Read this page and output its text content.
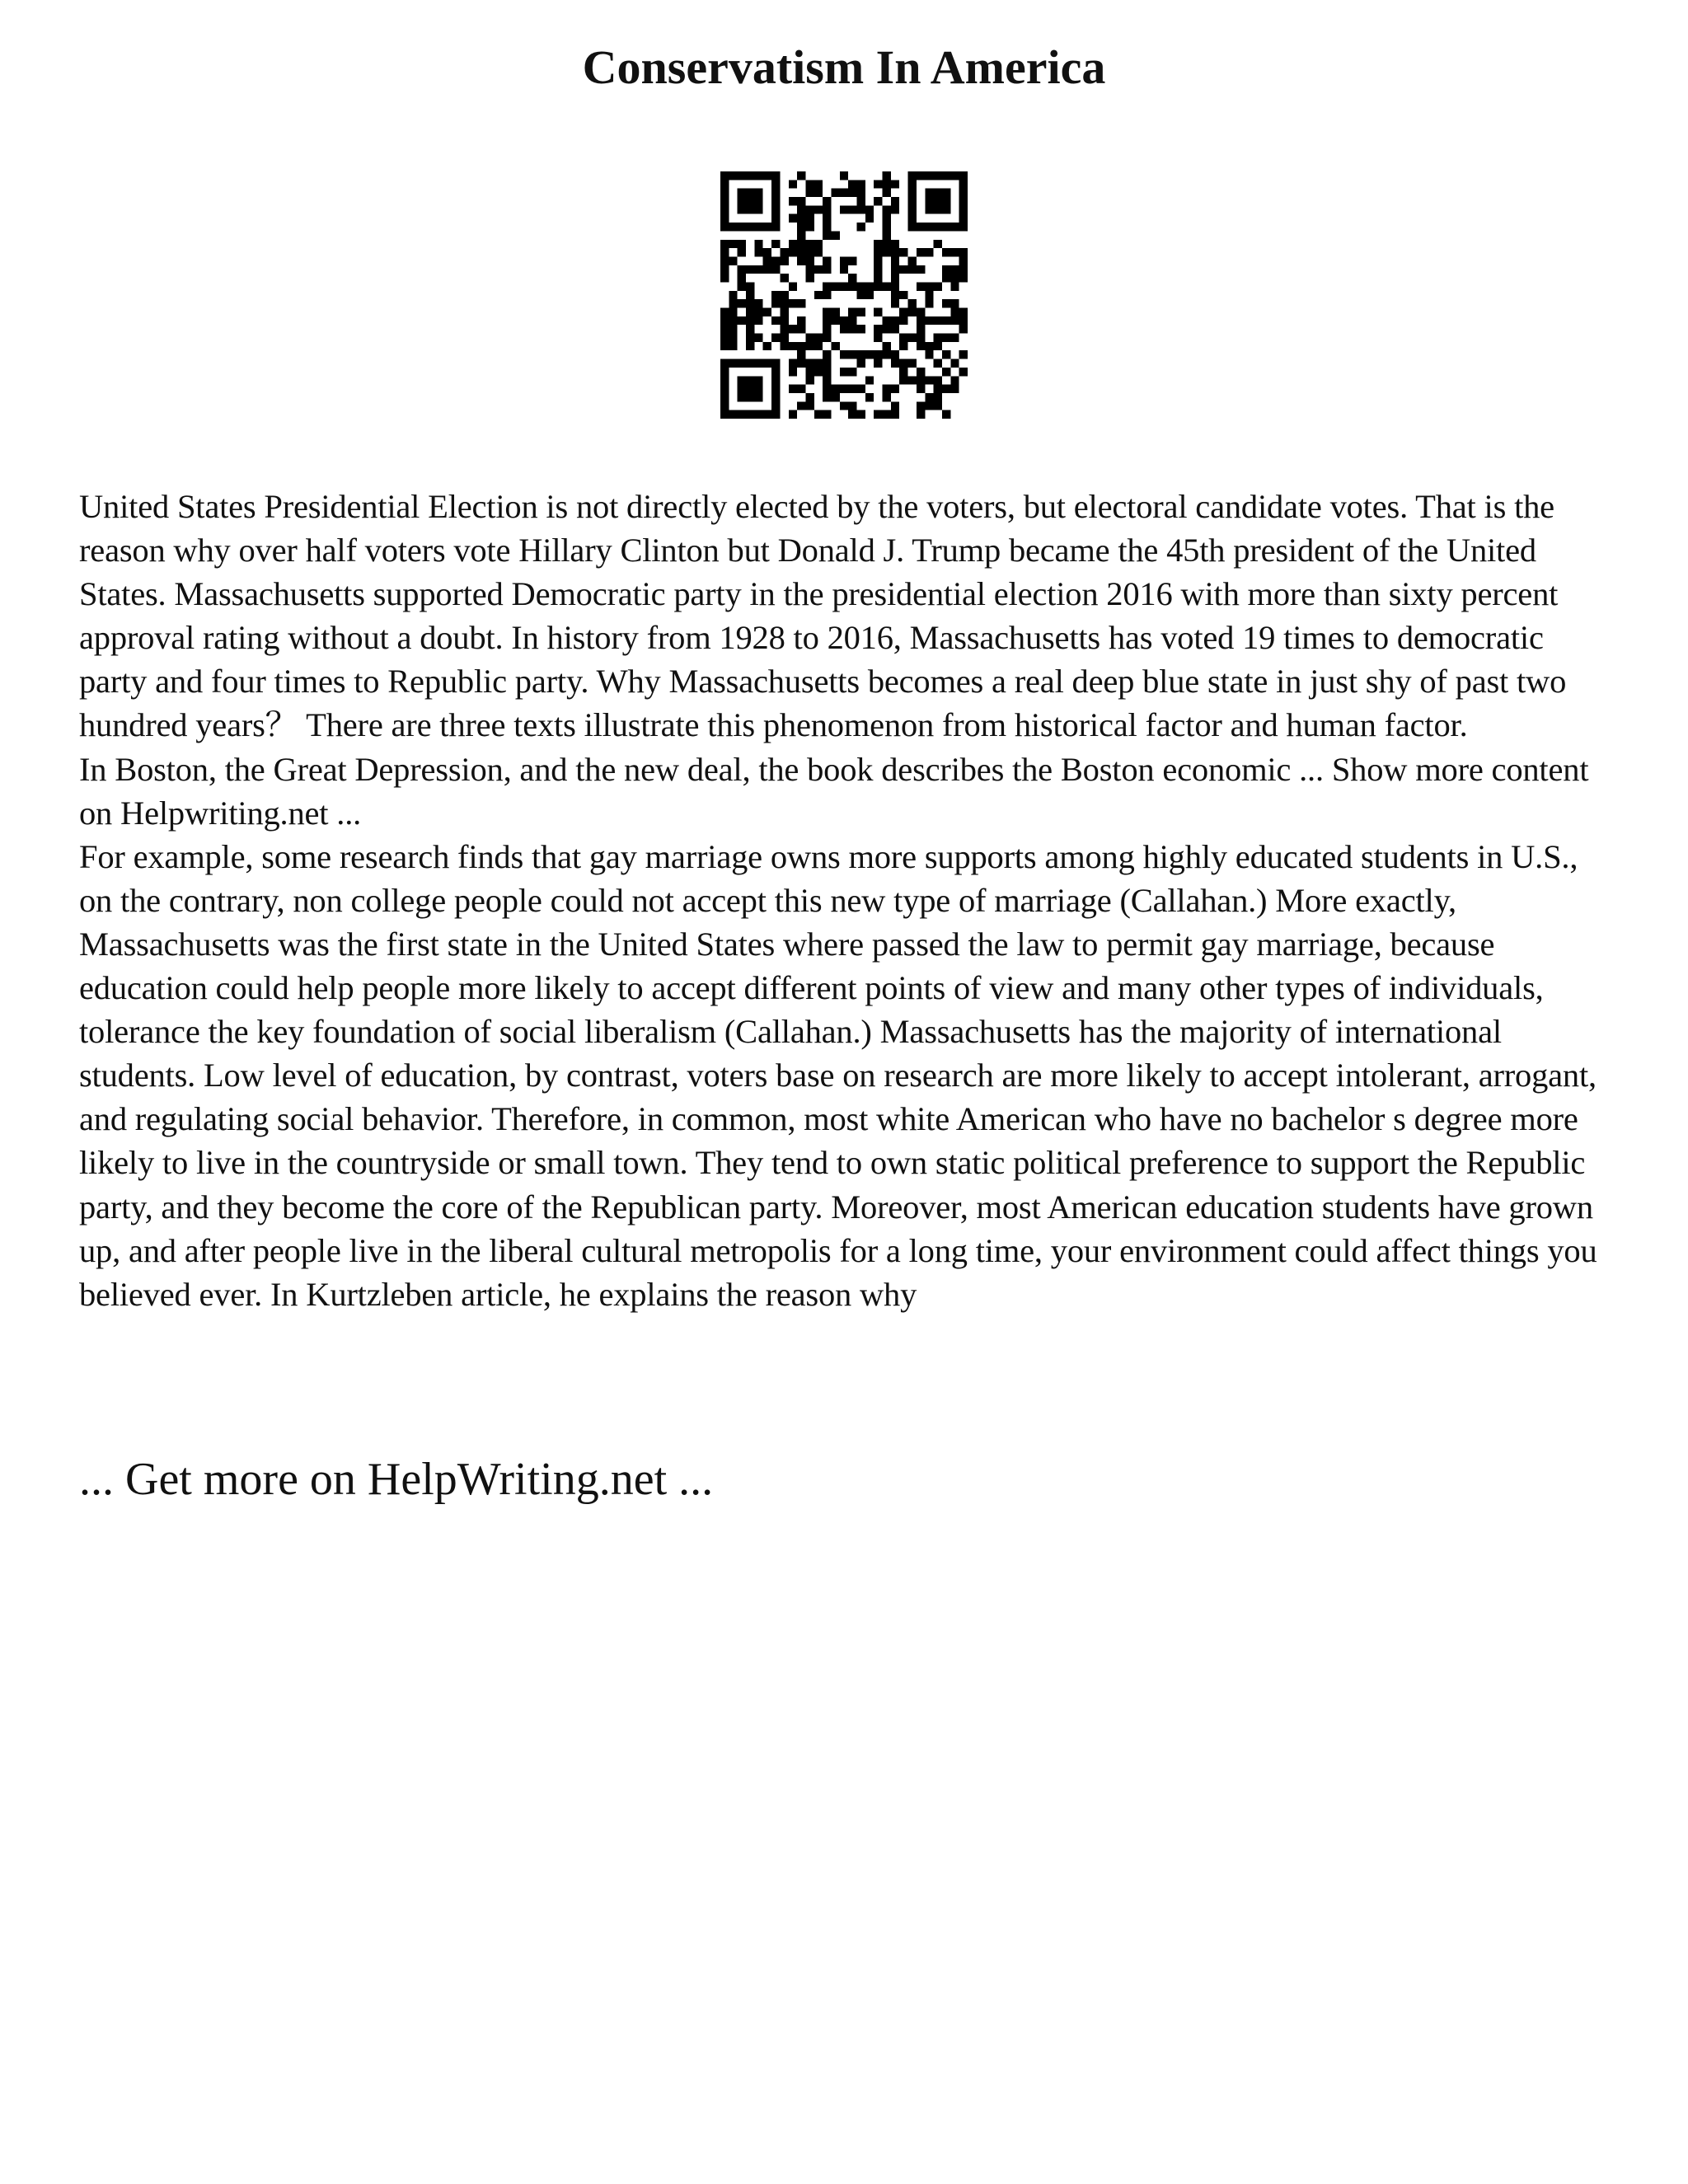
Conservatism In America

United States Presidential Election is not directly elected by the voters, but electoral candidate votes. That is the reason why over half voters vote Hillary Clinton but Donald J. Trump became the 45th president of the United States. Massachusetts supported Democratic party in the presidential election 2016 with more than sixty percent approval rating without a doubt. In history from 1928 to 2016, Massachusetts has voted 19 times to democratic party and four times to Republic party. Why Massachusetts becomes a real deep blue state in just shy of past two hundred years？ There are three texts illustrate this phenomenon from historical factor and human factor.

In Boston, the Great Depression, and the new deal, the book describes the Boston economic ... Show more content on Helpwriting.net ...

For example, some research finds that gay marriage owns more supports among highly educated students in U.S., on the contrary, non college people could not accept this new type of marriage (Callahan.) More exactly, Massachusetts was the first state in the United States where passed the law to permit gay marriage, because education could help people more likely to accept different points of view and many other types of individuals, tolerance the key foundation of social liberalism (Callahan.) Massachusetts has the majority of international students. Low level of education, by contrast, voters base on research are more likely to accept intolerant, arrogant, and regulating social behavior. Therefore, in common, most white American who have no bachelor s degree more likely to live in the countryside or small town. They tend to own static political preference to support the Republic party, and they become the core of the Republican party. Moreover, most American education students have grown up, and after people live in the liberal cultural metropolis for a long time, your environment could affect things you believed ever. In Kurtzleben article, he explains the reason why

... Get more on HelpWriting.net ...
